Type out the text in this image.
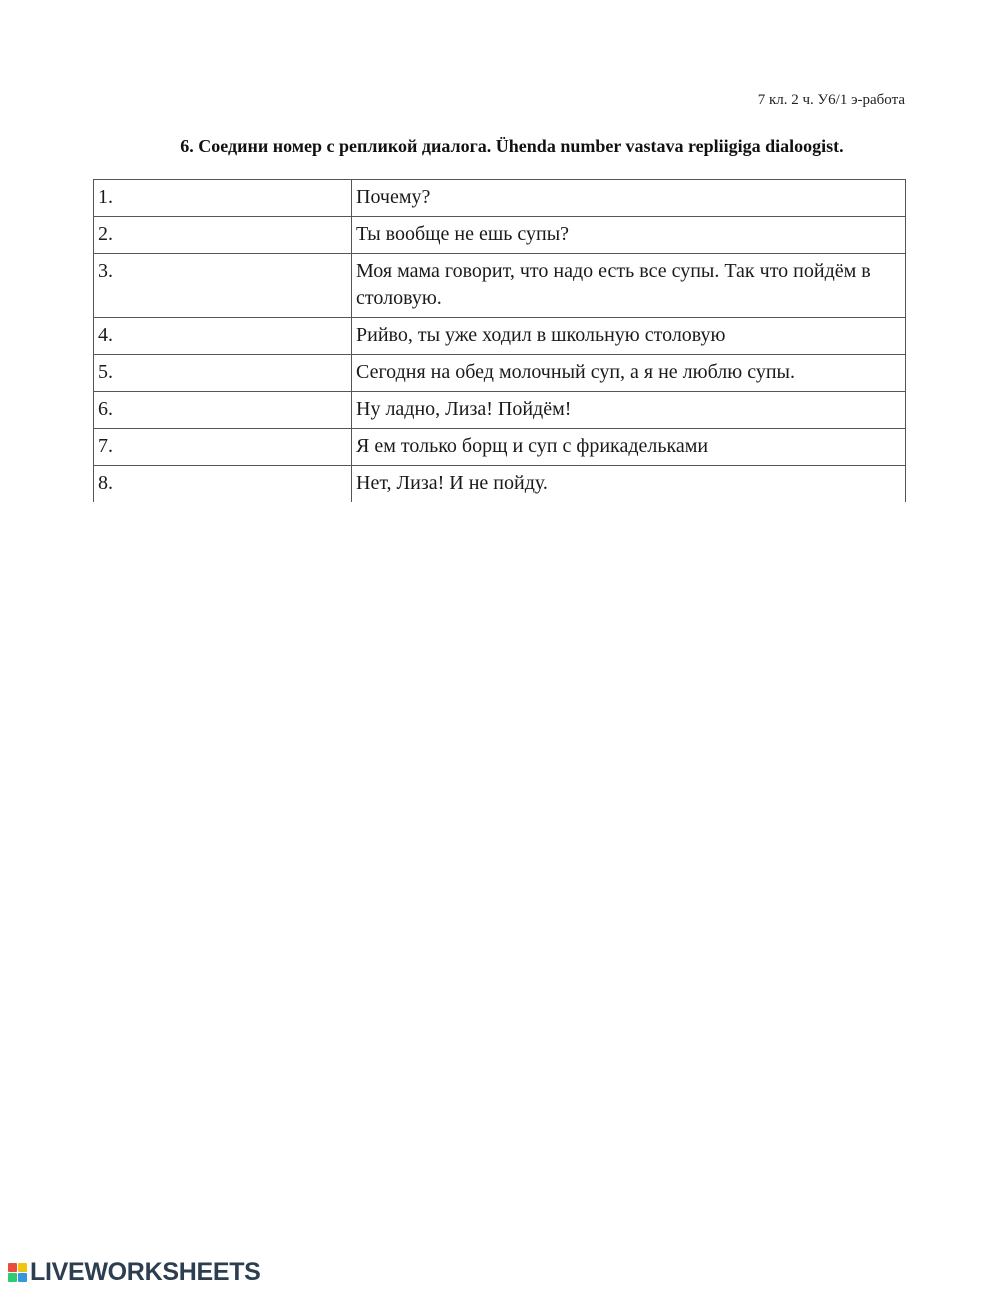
7 кл. 2 ч. У6/1 э-работа
6. Соедини номер с репликой диалога. Ühenda number vastava repliigiga dialoogist.
1.	Почему?
2.	Ты вообще не ешь супы?
3.	Моя мама говорит, что надо есть все супы. Так что пойдём в столовую.
4.	Рийво, ты уже ходил в школьную столовую
5.	Сегодня на обед молочный суп, а я не люблю супы.
6.	Ну ладно, Лиза! Пойдём!
7.	Я ем только борщ и суп с фрикадельками
8.	Нет, Лиза! И не пойду.
LIVEWORKSHEETS
